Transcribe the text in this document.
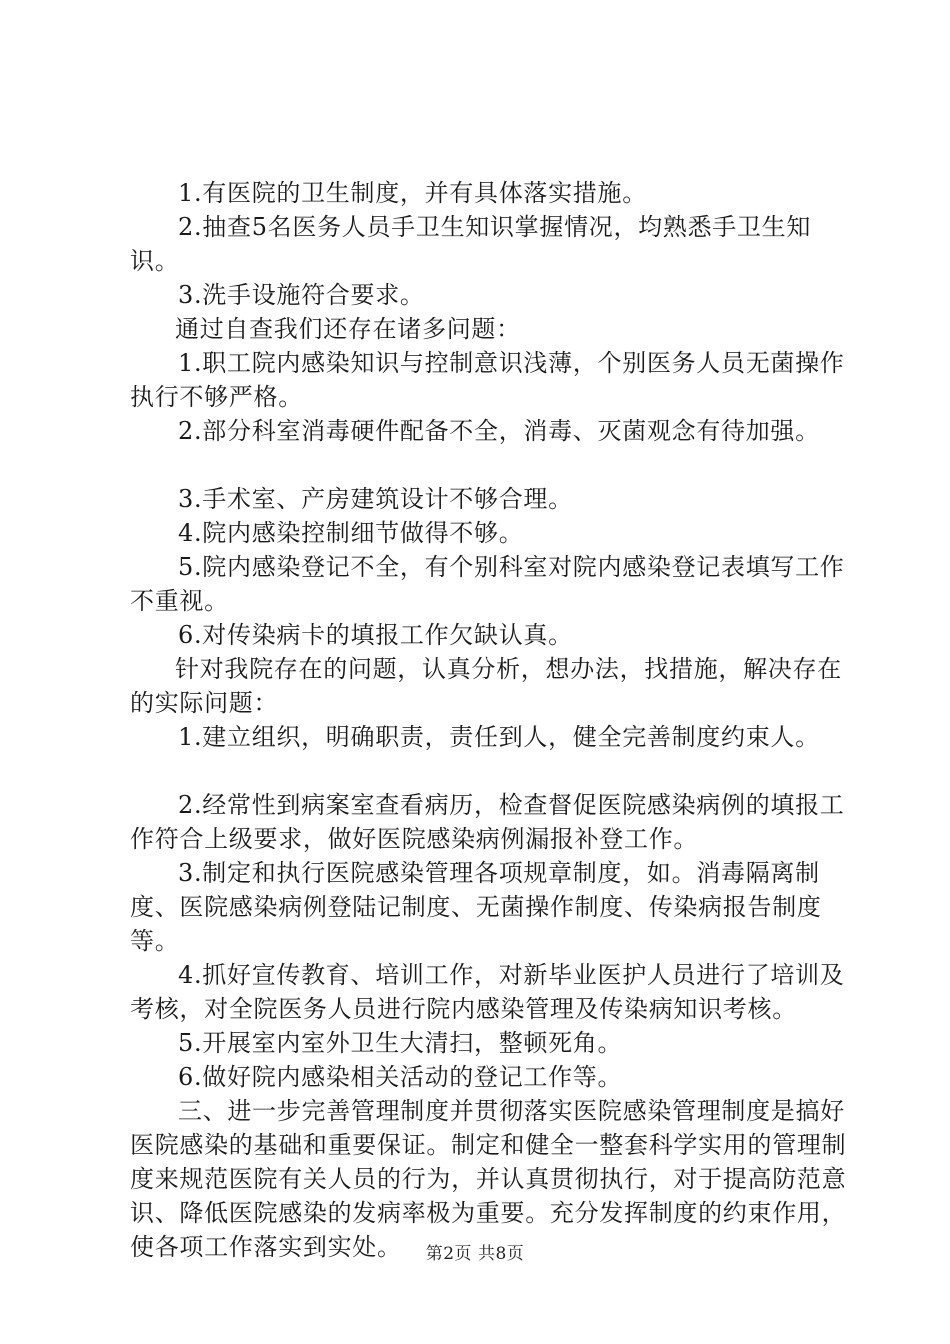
1.有医院的卫生制度，并有具体落实措施。

2.抽查5名医务人员手卫生知识掌握情况，均熟悉手卫生知识。

3.洗手设施符合要求。

通过自查我们还存在诸多问题：

1.职工院内感染知识与控制意识浅薄，个别医务人员无菌操作执行不够严格。

2.部分科室消毒硬件配备不全，消毒、灭菌观念有待加强。

3.手术室、产房建筑设计不够合理。

4.院内感染控制细节做得不够。

5.院内感染登记不全，有个别科室对院内感染登记表填写工作不重视。

6.对传染病卡的填报工作欠缺认真。

针对我院存在的问题，认真分析，想办法，找措施，解决存在的实际问题：

1.建立组织，明确职责，责任到人，健全完善制度约束人。

2.经常性到病案室查看病历，检查督促医院感染病例的填报工作符合上级要求，做好医院感染病例漏报补登工作。

3.制定和执行医院感染管理各项规章制度，如。消毒隔离制度、医院感染病例登陆记制度、无菌操作制度、传染病报告制度等。

4.抓好宣传教育、培训工作，对新毕业医护人员进行了培训及考核，对全院医务人员进行院内感染管理及传染病知识考核。

5.开展室内室外卫生大清扫，整顿死角。

6.做好院内感染相关活动的登记工作等。

三、进一步完善管理制度并贯彻落实医院感染管理制度是搞好医院感染的基础和重要保证。制定和健全一整套科学实用的管理制度来规范医院有关人员的行为，并认真贯彻执行，对于提高防范意识、降低医院感染的发病率极为重要。充分发挥制度的约束作用，使各项工作落实到实处。	第2页 共8页
